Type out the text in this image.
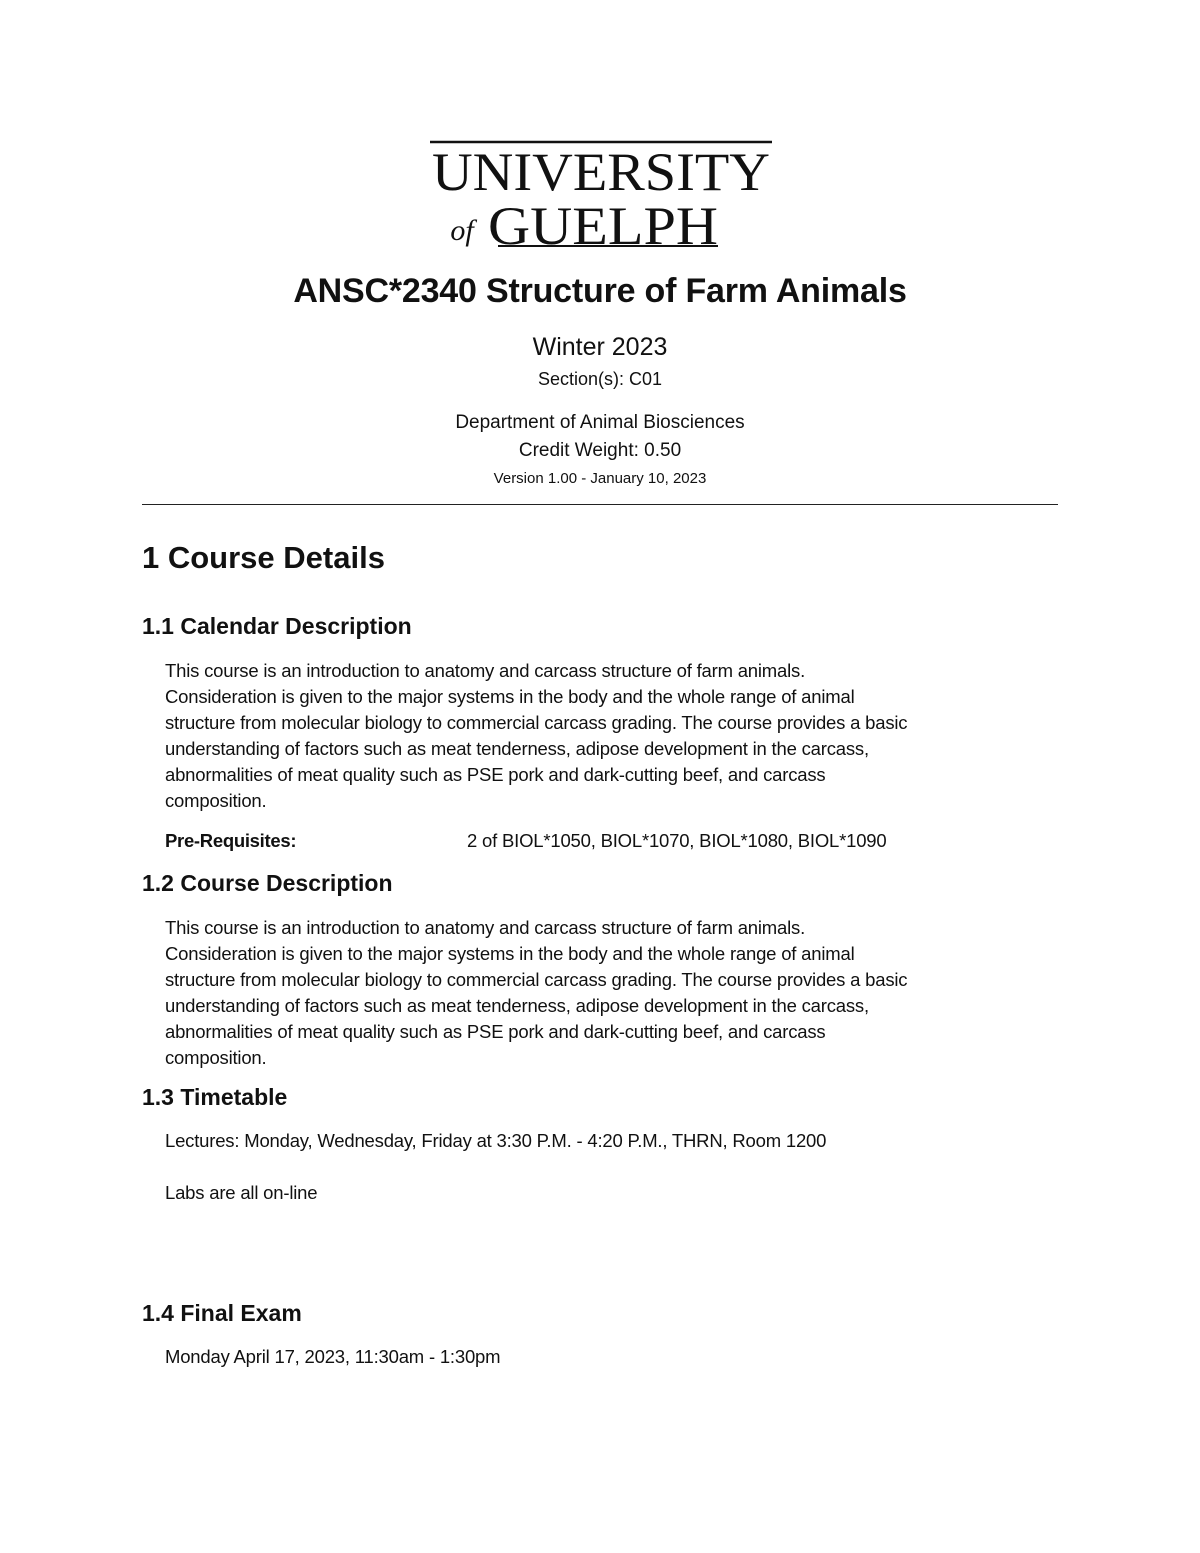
UNIVERSITY
of GUELPH
ANSC*2340 Structure of Farm Animals
Winter 2023
Section(s): C01
Department of Animal Biosciences
Credit Weight: 0.50
Version 1.00 - January 10, 2023
1 Course Details
1.1 Calendar Description
This course is an introduction to anatomy and carcass structure of farm animals.
Consideration is given to the major systems in the body and the whole range of animal
structure from molecular biology to commercial carcass grading. The course provides a basic
understanding of factors such as meat tenderness, adipose development in the carcass,
abnormalities of meat quality such as PSE pork and dark-cutting beef, and carcass
composition.
Pre-Requisites:	2 of BIOL*1050, BIOL*1070, BIOL*1080, BIOL*1090
1.2 Course Description
This course is an introduction to anatomy and carcass structure of farm animals.
Consideration is given to the major systems in the body and the whole range of animal
structure from molecular biology to commercial carcass grading. The course provides a basic
understanding of factors such as meat tenderness, adipose development in the carcass,
abnormalities of meat quality such as PSE pork and dark-cutting beef, and carcass
composition.
1.3 Timetable
Lectures: Monday, Wednesday, Friday at 3:30 P.M. - 4:20 P.M., THRN, Room 1200
Labs are all on-line
1.4 Final Exam
Monday April 17, 2023, 11:30am - 1:30pm
